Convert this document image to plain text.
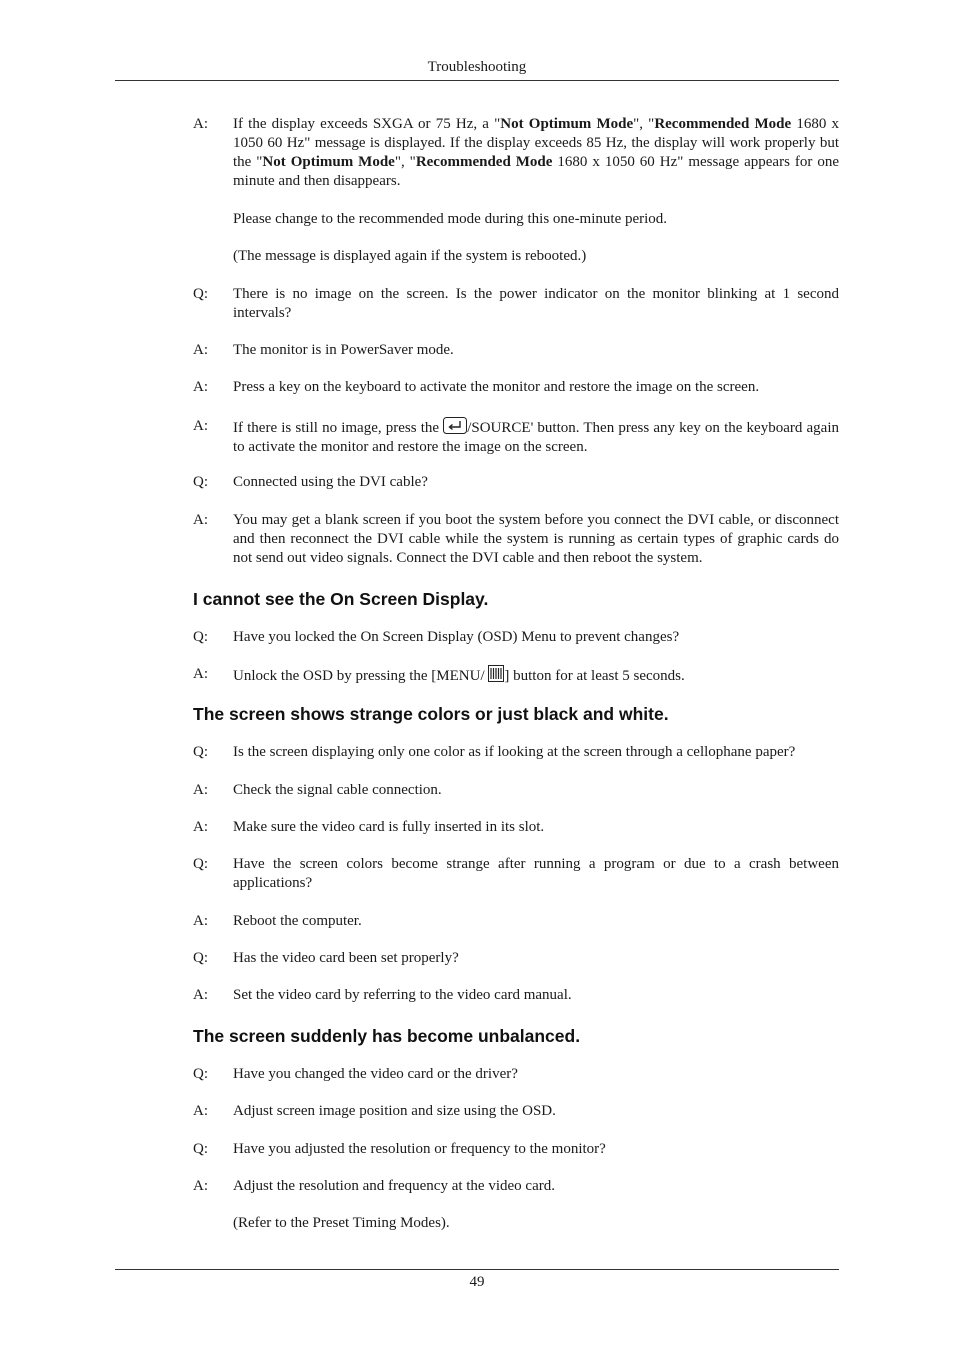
Troubleshooting
A:	If the display exceeds SXGA or 75 Hz, a "Not Optimum Mode", "Recommended Mode 1680 x 1050 60 Hz" message is displayed. If the display exceeds 85 Hz, the display will work properly but the "Not Optimum Mode", "Recommended Mode 1680 x 1050 60 Hz" message appears for one minute and then disappears.
Please change to the recommended mode during this one-minute period.
(The message is displayed again if the system is rebooted.)
Q:	There is no image on the screen. Is the power indicator on the monitor blinking at 1 second intervals?
A:	The monitor is in PowerSaver mode.
A:	Press a key on the keyboard to activate the monitor and restore the image on the screen.
A:	If there is still no image, press the
/SOURCE' button. Then press any key on the keyboard again to activate the monitor and restore the image on the screen.
Q:	Connected using the DVI cable?
A:	You may get a blank screen if you boot the system before you connect the DVI cable, or disconnect and then reconnect the DVI cable while the system is running as certain types of graphic cards do not send out video signals. Connect the DVI cable and then reboot the system.
I cannot see the On Screen Display.
Q:	Have you locked the On Screen Display (OSD) Menu to prevent changes?
A:	Unlock the OSD by pressing the [MENU/
] button for at least 5 seconds.
The screen shows strange colors or just black and white.
Q:	Is the screen displaying only one color as if looking at the screen through a cellophane paper?
A:	Check the signal cable connection.
A:	Make sure the video card is fully inserted in its slot.
Q:	Have the screen colors become strange after running a program or due to a crash between applications?
A:	Reboot the computer.
Q:	Has the video card been set properly?
A:	Set the video card by referring to the video card manual.
The screen suddenly has become unbalanced.
Q:	Have you changed the video card or the driver?
A:	Adjust screen image position and size using the OSD.
Q:	Have you adjusted the resolution or frequency to the monitor?
A:	Adjust the resolution and frequency at the video card.
(Refer to the Preset Timing Modes).
49
